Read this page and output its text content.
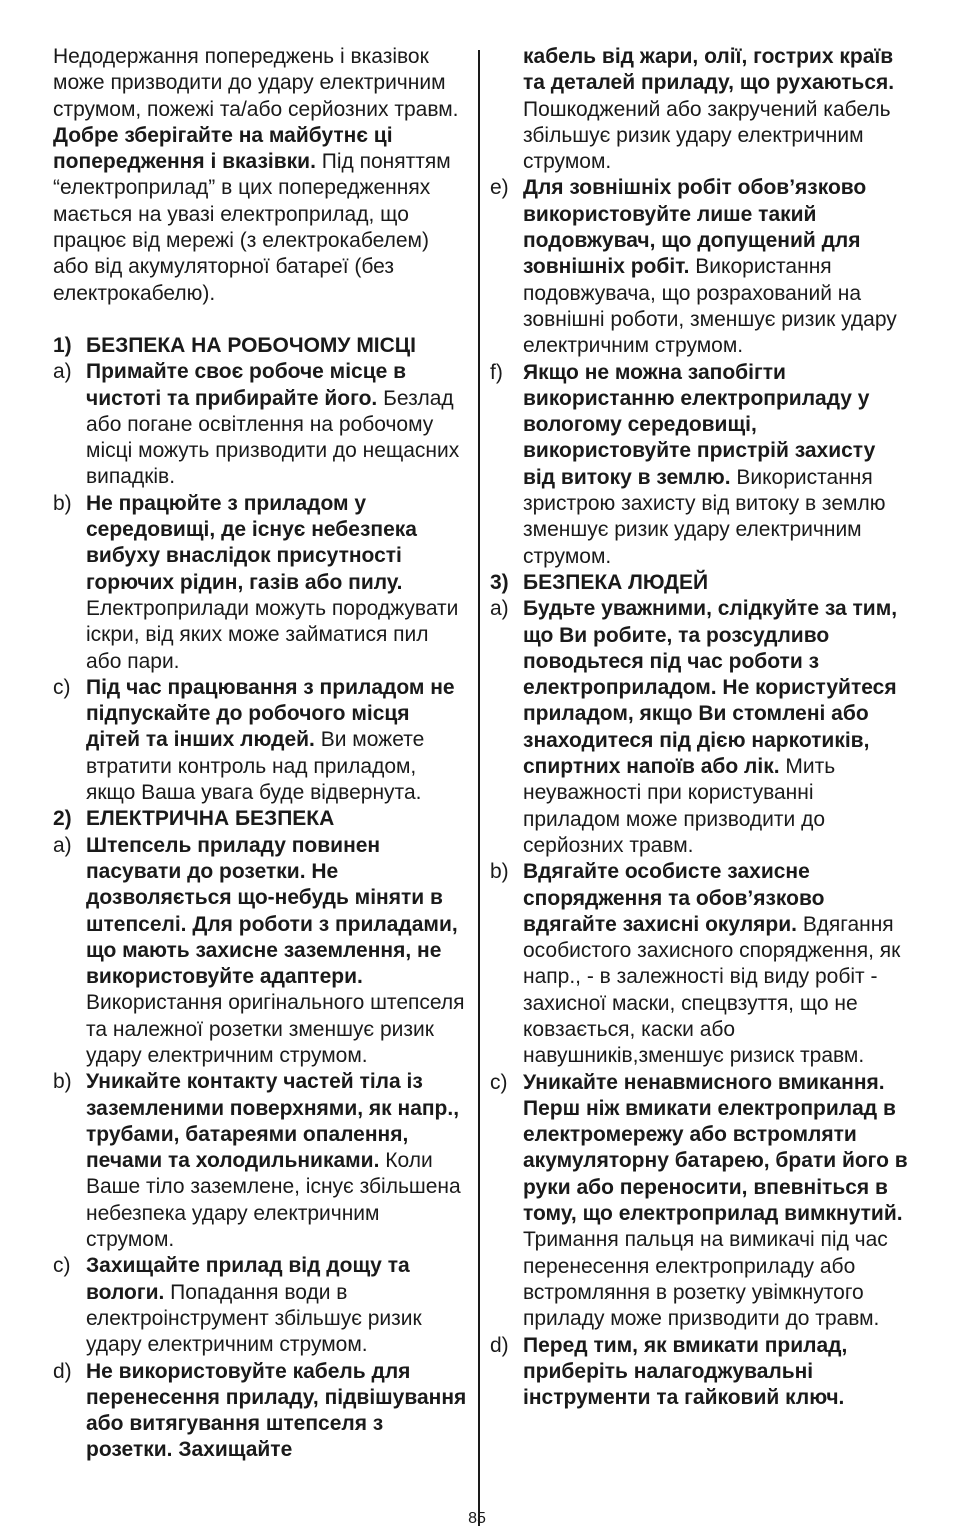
Недодержання попереджень і вказівок може призводити до удару електричним струмом, пожежі та/або серйозних травм. Добре зберігайте на майбутнє ці попередження і вказівки. Під поняттям “електроприлад” в цих попередженнях мається на увазі електроприлад, що працює від мережі (з електрокабелем) або від акумуляторної батареї (без електрокабелю).

1) БЕЗПЕКА НА РОБОЧОМУ МІСЦІ

a) Примайте своє робоче місце в чистоті та прибирайте його. Безлад або погане освітлення на робочому місці можуть призводити до нещасних випадків.
b) Не працюйте з приладом у середовищі, де існує небезпека вибуху внаслідок присутності горючих рідин, газів або пилу. Електроприлади можуть породжувати іскри, від яких може займатися пил або пари.
c) Під час працювання з приладом не підпускайте до робочого місця дітей та інших людей. Ви можете втратити контроль над приладом, якщо Ваша увага буде відвернута.

2) ЕЛЕКТРИЧНА БЕЗПЕКА

a) Штепсель приладу повинен пасувати до розетки. Не дозволяється що-небудь міняти в штепселі. Для роботи з приладами, що мають захисне заземлення, не використовуйте адаптери. Використання оригінального штепселя та належної розетки зменшує ризик удару електричним струмом.
b) Уникайте контакту частей тіла із заземленими поверхнями, як напр., трубами, батареями опалення, печами та холодильниками. Коли Ваше тіло заземлене, існує збільшена небезпека удару електричним струмом.
c) Захищайте прилад від дощу та вологи. Попадання води в електроінструмент збільшує ризик удару електричним струмом.
d) Не використовуйте кабель для перенесення приладу, підвішування або витягування штепселя з розетки. Захищайте
кабель від жари, олії, гострих країв та деталей приладу, що рухаються. Пошкоджений або закручений кабель збільшує ризик удару електричним струмом.
e) Для зовнішніх робіт обов’язково використовуйте лише такий подовжувач, що допущений для зовнішніх робіт. Використання подовжувача, що розрахований на зовнішні роботи, зменшує ризик удару електричним струмом.
f) Якщо не можна запобігти використанню електроприладу у вологому середовищі, використовуйте пристрій захисту від витоку в землю. Використання зристрою захисту від витоку в землю зменшує ризик удару електричним струмом.

3) БЕЗПЕКА ЛЮДЕЙ

a) Будьте уважними, слідкуйте за тим, що Ви робите, та розсудливо поводьтеся під час роботи з електроприладом. Не користуйтеся приладом, якщо Ви стомлені або знаходитеся під дією наркотиків, спиртних напоїв або лік. Мить неуважності при користуванні приладом може призводити до серйозних травм.
b) Вдягайте особисте захисне спорядження та обов’язково вдягайте захисні окуляри. Вдягання особистого захисного спорядження, як напр., - в залежності від виду робіт - захисної маски, спецвзуття, що не ковзається, каски або навушників,зменшує ризиск травм.
c) Уникайте ненавмисного вмикання. Перш ніж вмикати електроприлад в електромережу або встромляти акумуляторну батарею, брати його в руки або переносити, впевніться в тому, що електроприлад вимкнутий. Тримання пальця на вимикачі під час перенесення електроприладу або встромляння в розетку увімкнутого приладу може призводити до травм.
d) Перед тим, як вмикати прилад, приберіть налагоджувальні інструменти та гайковий ключ.
85
